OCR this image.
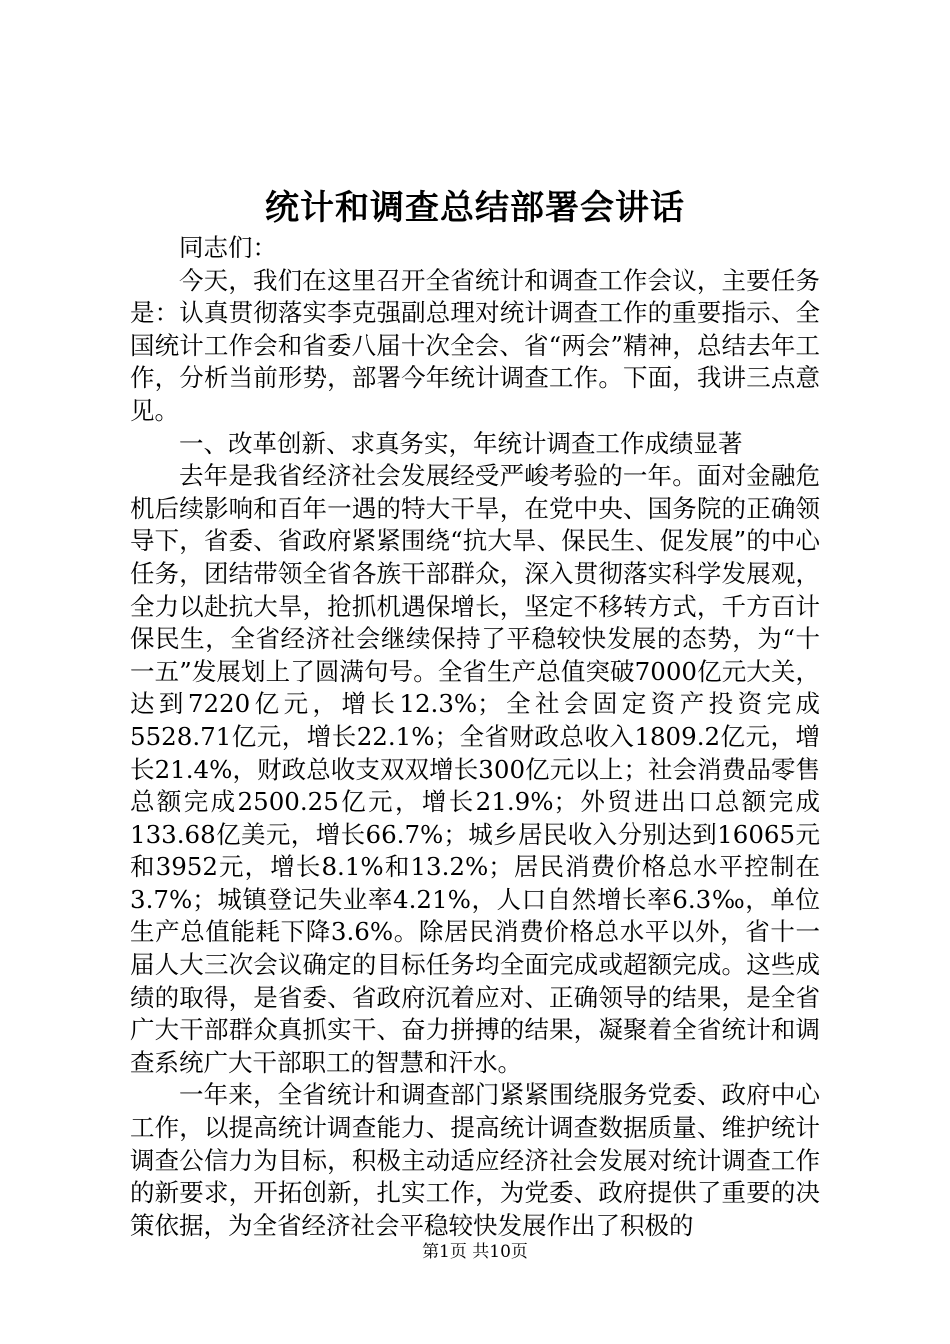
统计和调查总结部署会讲话

同志们：

今天，我们在这里召开全省统计和调查工作会议，主要任务是：认真贯彻落实李克强副总理对统计调查工作的重要指示、全国统计工作会和省委八届十次全会、省“两会”精神，总结去年工作，分析当前形势，部署今年统计调查工作。下面，我讲三点意见。

一、改革创新、求真务实，年统计调查工作成绩显著

去年是我省经济社会发展经受严峻考验的一年。面对金融危机后续影响和百年一遇的特大干旱，在党中央、国务院的正确领导下，省委、省政府紧紧围绕“抗大旱、保民生、促发展”的中心任务，团结带领全省各族干部群众，深入贯彻落实科学发展观，全力以赴抗大旱，抢抓机遇保增长，坚定不移转方式，千方百计保民生，全省经济社会继续保持了平稳较快发展的态势，为“十一五”发展划上了圆满句号。全省生产总值突破7000亿元大关，达到7220亿元，增长12.3%；全社会固定资产投资完成5528.71亿元，增长22.1%；全省财政总收入1809.2亿元，增长21.4%，财政总收支双双增长300亿元以上；社会消费品零售总额完成2500.25亿元，增长21.9%；外贸进出口总额完成133.68亿美元，增长66.7%；城乡居民收入分别达到16065元和3952元，增长8.1%和13.2%；居民消费价格总水平控制在3.7%；城镇登记失业率4.21%，人口自然增长率6.3‰，单位生产总值能耗下降3.6%。除居民消费价格总水平以外，省十一届人大三次会议确定的目标任务均全面完成或超额完成。这些成绩的取得，是省委、省政府沉着应对、正确领导的结果，是全省广大干部群众真抓实干、奋力拼搏的结果，凝聚着全省统计和调查系统广大干部职工的智慧和汗水。

一年来，全省统计和调查部门紧紧围绕服务党委、政府中心工作，以提高统计调查能力、提高统计调查数据质量、维护统计调查公信力为目标，积极主动适应经济社会发展对统计调查工作的新要求，开拓创新，扎实工作，为党委、政府提供了重要的决策依据，为全省经济社会平稳较快发展作出了积极的

第1页 共10页
